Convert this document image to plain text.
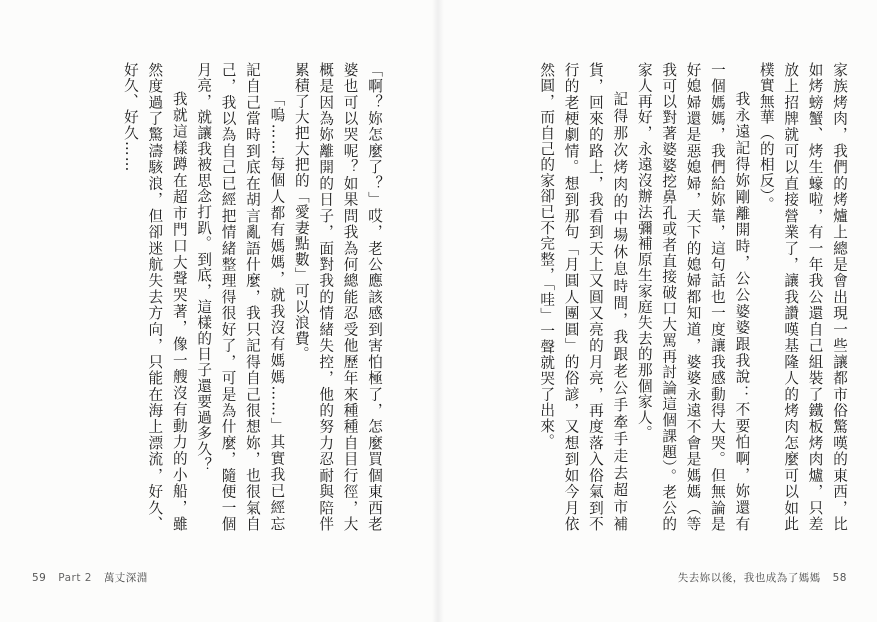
「啊？妳怎麼了？」哎，老公應該感到害怕極了，怎麼買個東西老婆也可以哭呢？如果問我為何總能忍受他歷年來種種自目行徑，大概是因為妳離開的日子，面對我的情緒失控，他的努力忍耐與陪伴累積了大把大把的「愛妻點數」可以浪費。

「嗚……每個人都有媽媽，就我沒有媽媽……」其實我已經忘記自己當時到底在胡言亂語什麼，我只記得自己很想妳，也很氣自己，我以為自己已經把情緒整理得很好了，可是為什麼，隨便一個月亮，就讓我被思念打趴。到底，這樣的日子還要過多久？

我就這樣蹲在超市門口大聲哭著，像一艘沒有動力的小船，雖然度過了驚濤駭浪，但卻迷航失去方向，只能在海上漂流，好久、好久、好久……

59 Part 2 萬丈深淵

家族烤肉，我們的烤爐上總是會出現一些讓都市俗驚嘆的東西，比如烤螃蟹、烤生蠔啦，有一年我公還自己組裝了鐵板烤肉爐，只差放上招牌就可以直接營業了，讓我讚嘆基隆人的烤肉怎麼可以如此樸實無華（的相反）。

我永遠記得妳剛離開時，公公婆婆跟我說：不要怕啊，妳還有一個媽媽，我們給妳靠，這句話也一度讓我感動得大哭。但無論是好媳婦還是惡媳婦，天下的媳婦都知道，婆婆永遠不會是媽媽（等我可以對著婆婆挖鼻孔或者直接破口大罵再討論這個課題）。老公的家人再好，永遠沒辦法彌補原生家庭失去的那個家人。

記得那次烤肉的中場休息時間，我跟老公手牽手走去超市補貨，回來的路上，我看到天上又圓又亮的月亮，再度落入俗氣到不行的老梗劇情。想到那句「月圓人團圓」的俗諺，又想到如今月依然圓，而自己的家卻已不完整，「哇」一聲就哭了出來。

失去妳以後，我也成為了媽媽 58
